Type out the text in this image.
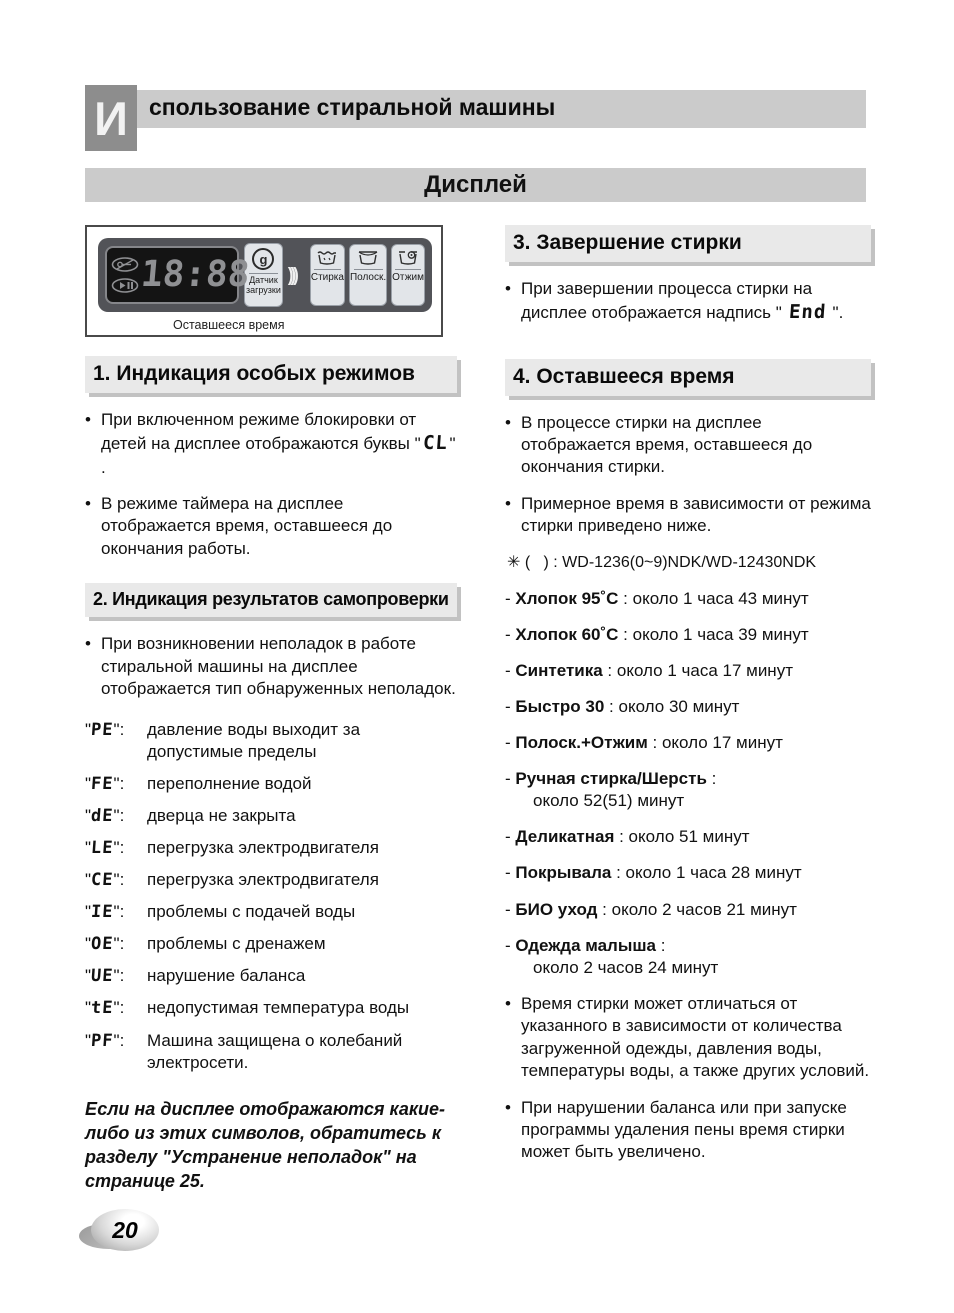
спользование стиральной машины
И
Дисплей
18:88 g
Датчик
загрузки
)))	Стирка Полоск. Отжим
Оставшееся время
1. Индикация особых режимов
• При включенном режиме блокировки от детей на дисплее отображаются буквы "CL" .
• В режиме таймера на дисплее отображается время, оставшееся до окончания работы.
2. Индикация результатов самопроверки
• При возникновении неполадок в работе стиральной машины на дисплее отображается тип обнаруженных неполадок.
"PE":	давление воды выходит за допустимые пределы
"FE":	переполнение водой
"dE":	дверца не закрыта
"LE":	перегрузка электродвигателя
"CE":	перегрузка электродвигателя
"IE":	проблемы с подачей воды
"OE":	проблемы с дренажем
"UE":	нарушение баланса
"tE":	недопустимая температура воды
"PF":	Машина защищена о колебаний электросети.
Если на дисплее отображаются какие-либо из этих символов, обратитесь к разделу "Устранение неполадок" на странице 25.
20
3. Завершение стирки
• При завершении процесса стирки на дисплее отображается надпись " End ".
4. Оставшееся время
• В процессе стирки на дисплее отображается время, оставшееся до окончания стирки.
• Примерное время в зависимости от режима стирки приведено ниже.
✳ (   ) : WD-1236(0~9)NDK/WD-12430NDK
- Хлопок 95˚С : около 1 часа 43 минут
- Хлопок 60˚С : около 1 часа 39 минут
- Синтетика : около 1 часа 17 минут
- Быстро 30 : около 30 минут
- Полоск.+Отжим : около 17 минут
- Ручная стирка/Шерсть :
около 52(51) минут
- Деликатная : около 51 минут
- Покрывала : около 1 часа 28 минут
- БИО уход : около 2 часов 21 минут
- Одежда малыша :
около 2 часов 24 минут
• Время стирки может отличаться от указанного в зависимости от количества загруженной одежды, давления воды, температуры воды, а также других условий.
• При нарушении баланса или при запуске программы удаления пены время стирки может быть увеличено.
